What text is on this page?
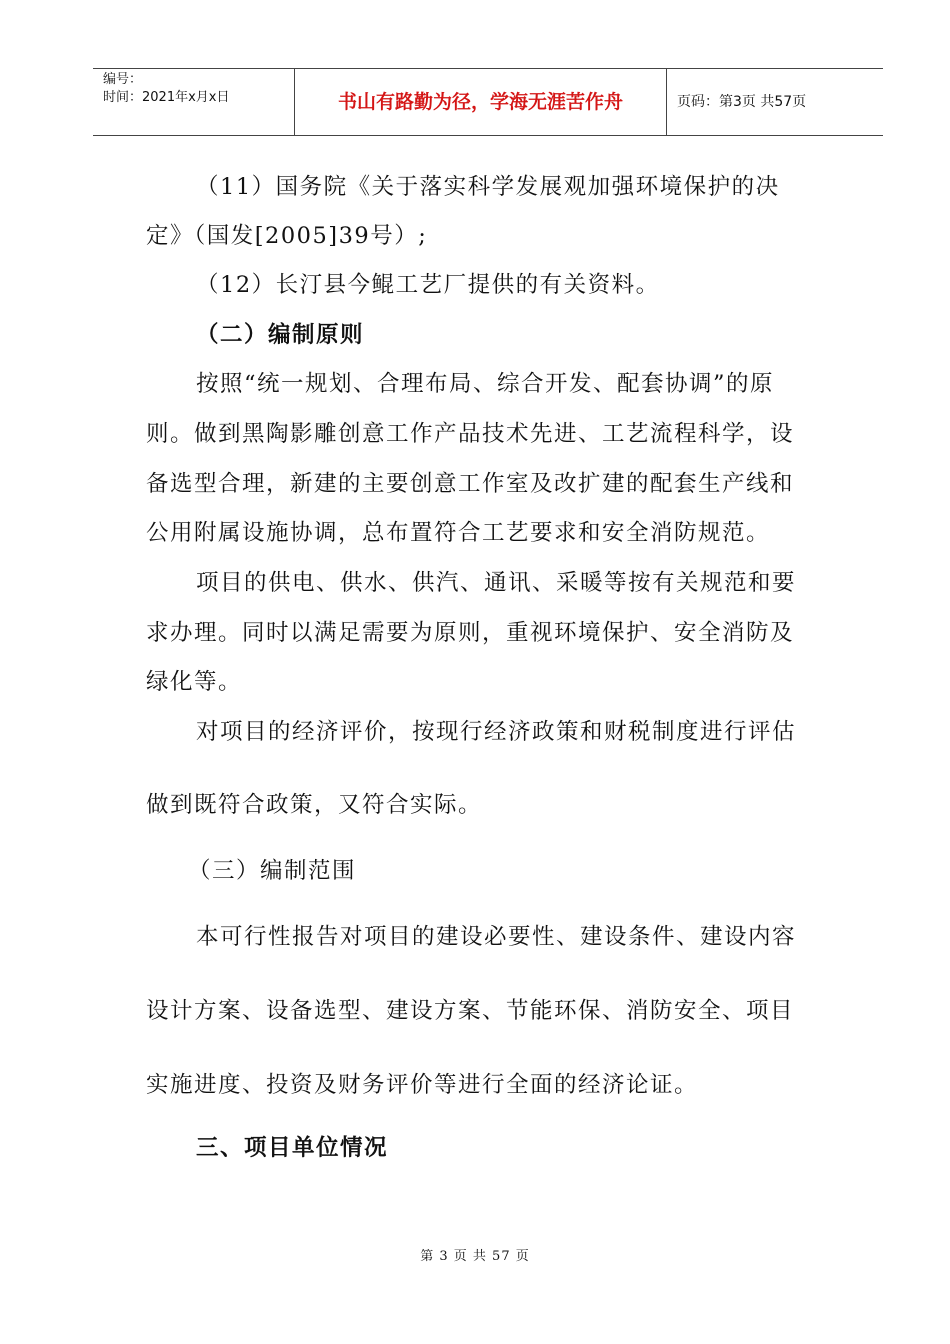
编号：
时间：2021年x月x日	书山有路勤为径，学海无涯苦作舟	页码：第3页 共57页
（11）国务院《关于落实科学发展观加强环境保护的决
定》（国发[2005]39号）;
（12）长汀县今鲲工艺厂提供的有关资料。
（二）编制原则
按照“统一规划、合理布局、综合开发、配套协调”的原
则。做到黑陶影雕创意工作产品技术先进、工艺流程科学，设
备选型合理，新建的主要创意工作室及改扩建的配套生产线和
公用附属设施协调，总布置符合工艺要求和安全消防规范。
项目的供电、供水、供汽、通讯、采暖等按有关规范和要
求办理。同时以满足需要为原则，重视环境保护、安全消防及
绿化等。
对项目的经济评价，按现行经济政策和财税制度进行评估
做到既符合政策，又符合实际。
（三）编制范围
本可行性报告对项目的建设必要性、建设条件、建设内容
设计方案、设备选型、建设方案、节能环保、消防安全、项目
实施进度、投资及财务评价等进行全面的经济论证。
三、项目单位情况
第 3 页 共 57 页
